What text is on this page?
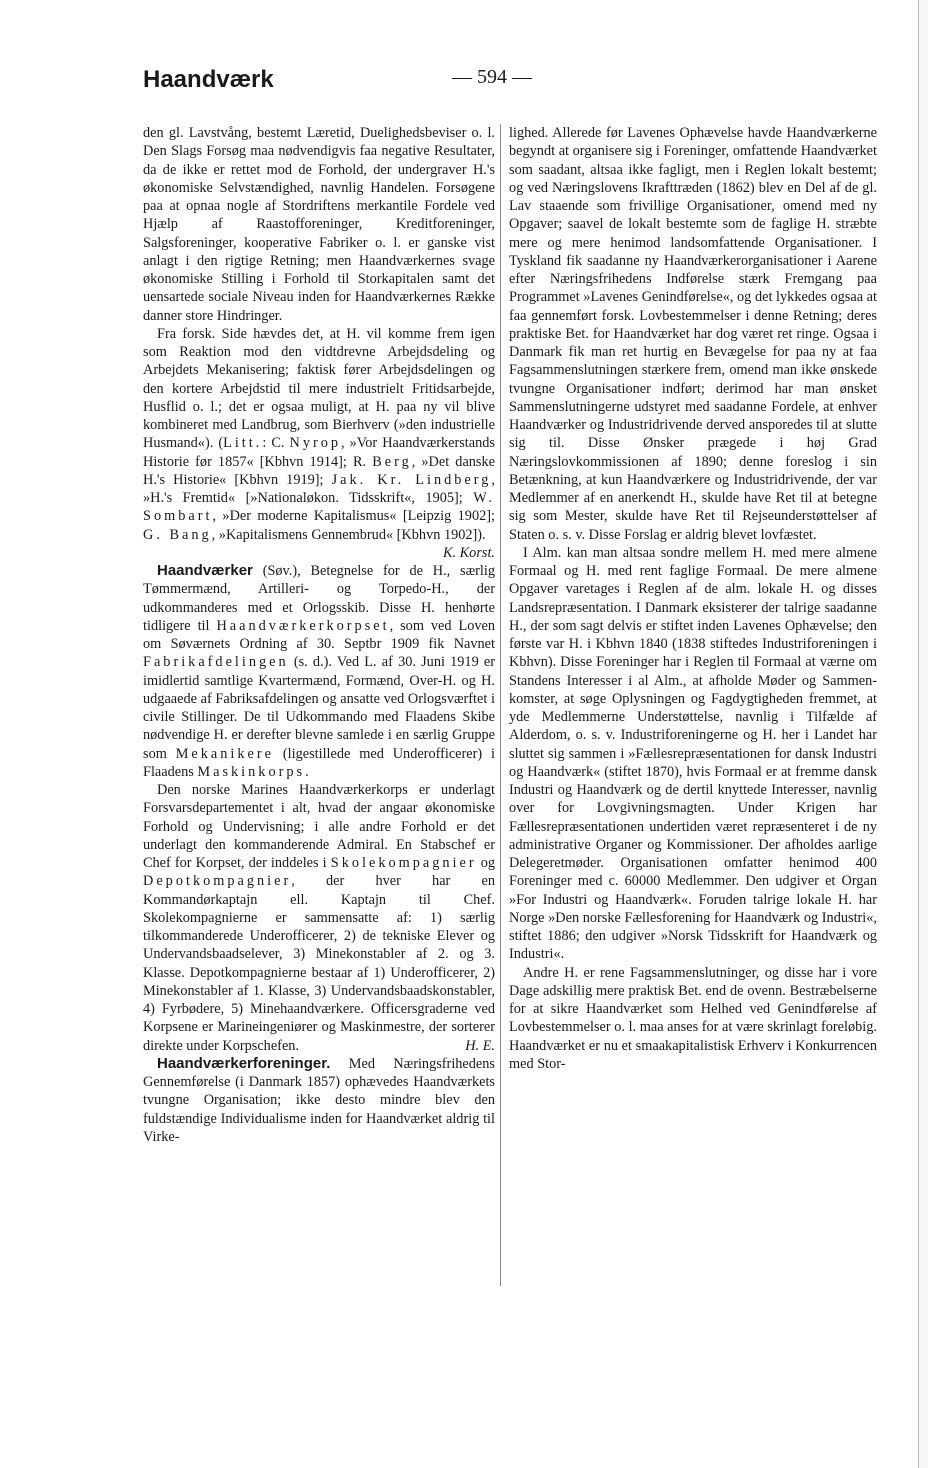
Haandværk	— 594 —

den gl. Lavstvång, bestemt Læretid, Duelighedsbeviser o. l. Den Slags Forsøg maa nødvendigvis faa negative Resultater, da de ikke er rettet mod de Forhold, der undergraver H.'s økonomiske Selvstændighed, navnlig Handelen. Forsøgene paa at opnaa nogle af Stordriftens merkantile Fordele ved Hjælp af Raastofforeninger, Kreditforeninger, Salgsforeninger, kooperative Fabriker o. l. er ganske vist anlagt i den rigtige Retning; men Haandværkernes svage økonomiske Stilling i Forhold til Storkapitalen samt det uensartede sociale Niveau inden for Haandværkernes Række danner store Hindringer.

Fra forsk. Side hævdes det, at H. vil komme frem igen som Reaktion mod den vidtdrevne Arbejdsdeling og Arbejdets Mekanisering; faktisk fører Arbejdsdelingen og den kortere Arbejdstid til mere industrielt Fritidsarbejde, Husflid o. l.; det er ogsaa muligt, at H. paa ny vil blive kombineret med Landbrug, som Bierhverv (»den industrielle Husmand«). (Litt.: C. Nyrop, »Vor Haandværkerstands Historie før 1857« [Kbhvn 1914]; R. Berg, »Det danske H.'s Historie« [Kbhvn 1919]; Jak. Kr. Lindberg, »H.'s Fremtid« [»Nationaløkon. Tidsskrift«, 1905]; W. Sombart, »Der moderne Kapitalismus« [Leipzig 1902]; G. Bang, »Kapitalismens Gennembrud« [Kbhvn 1902]).

K. Korst.

Haandværker (Søv.), Betegnelse for de H., særlig Tømmermænd, Artilleri- og Torpedo-H., der udkommanderes med et Orlogsskib. Disse H. henhørte tidligere til Haandværkerkorpset, som ved Loven om Søværnets Ordning af 30. Septbr 1909 fik Navnet Fabrikafdelingen (s. d.). Ved L. af 30. Juni 1919 er imidlertid samtlige Kvartermænd, Formænd, Over-H. og H. udgaaede af Fabriksafdelingen og ansatte ved Orlogsværftet i civile Stillinger. De til Udkommando med Flaadens Skibe nødvendige H. er derefter blevne samlede i en særlig Gruppe som Mekanikere (ligestillede med Underofficerer) i Flaadens Maskinkorps.

Den norske Marines Haandværkerkorps er underlagt Forsvarsdepartementet i alt, hvad der angaar økonomiske Forhold og Undervisning; i alle andre Forhold er det underlagt den kommanderende Admiral. En Stabschef er Chef for Korpset, der inddeles i Skolekompagnier og Depotkompagnier, der hver har en Kommandørkaptajn ell. Kaptajn til Chef. Skolekompagnierne er sammensatte af: 1) særlig tilkommanderede Underofficerer, 2) de tekniske Elever og Undervandsbaadselever, 3) Minekonstabler af 2. og 3. Klasse. Depotkompagnierne bestaar af 1) Underofficerer, 2) Minekonstabler af 1. Klasse, 3) Undervandsbaadskonstabler, 4) Fyrbødere, 5) Minehaandværkere. Officersgraderne ved Korpsene er Marineingeniører og Maskinmestre, der sorterer direkte under Korpschefen.	H. E.

Haandværkerforeninger. Med Næringsfrihedens Gennemførelse (i Danmark 1857) ophævedes Haandværkets tvungne Organisation; ikke desto mindre blev den fuldstændige Individualisme inden for Haandværket aldrig til Virke-

lighed. Allerede før Lavenes Ophævelse havde Haandværkerne begyndt at organisere sig i Foreninger, omfattende Haandværket som saadant, altsaa ikke fagligt, men i Reglen lokalt bestemt; og ved Næringslovens Ikrafttræden (1862) blev en Del af de gl. Lav staaende som frivillige Organisationer, omend med ny Opgaver; saavel de lokalt bestemte som de faglige H. stræbte mere og mere henimod landsomfattende Organisationer. I Tyskland fik saadanne ny Haandværkerorganisationer i Aarene efter Næringsfrihedens Indførelse stærk Fremgang paa Programmet »Lavenes Genindførelse«, og det lykkedes ogsaa at faa gennemført forsk. Lovbestemmelser i denne Retning; deres praktiske Bet. for Haandværket har dog været ret ringe. Ogsaa i Danmark fik man ret hurtig en Bevægelse for paa ny at faa Fagsammenslutningen stærkere frem, omend man ikke ønskede tvungne Organisationer indført; derimod har man ønsket Sammenslutningerne udstyret med saadanne Fordele, at enhver Haandværker og Industridrivende derved ansporedes til at slutte sig til. Disse Ønsker prægede i høj Grad Næringslovkommissionen af 1890; denne foreslog i sin Betænkning, at kun Haandværkere og Industridrivende, der var Medlemmer af en anerkendt H., skulde have Ret til at betegne sig som Mester, skulde have Ret til Rejseunderstøttelser af Staten o. s. v. Disse Forslag er aldrig blevet lovfæstet.

I Alm. kan man altsaa sondre mellem H. med mere almene Formaal og H. med rent faglige Formaal. De mere almene Opgaver varetages i Reglen af de alm. lokale H. og disses Landsrepræsentation. I Danmark eksisterer der talrige saadanne H., der som sagt delvis er stiftet inden Lavenes Ophævelse; den første var H. i Kbhvn 1840 (1838 stiftedes Industriforeningen i Kbhvn). Disse Foreninger har i Reglen til Formaal at værne om Standens Interesser i al Alm., at afholde Møder og Sammenkomster, at søge Oplysningen og Fagdygtigheden fremmet, at yde Medlemmerne Understøttelse, navnlig i Tilfælde af Alderdom, o. s. v. Industriforeningerne og H. her i Landet har sluttet sig sammen i »Fællesrepræsentationen for dansk Industri og Haandværk« (stiftet 1870), hvis Formaal er at fremme dansk Industri og Haandværk og de dertil knyttede Interesser, navnlig over for Lovgivningsmagten. Under Krigen har Fællesrepræsentationen undertiden været repræsenteret i de ny administrative Organer og Kommissioner. Der afholdes aarlige Delegeretmøder. Organisationen omfatter henimod 400 Foreninger med c. 60000 Medlemmer. Den udgiver et Organ »For Industri og Haandværk«. Foruden talrige lokale H. har Norge »Den norske Fællesforening for Haandværk og Industri«, stiftet 1886; den udgiver »Norsk Tidsskrift for Haandværk og Industri«.

Andre H. er rene Fagsammenslutninger, og disse har i vore Dage adskillig mere praktisk Bet. end de ovenn. Bestræbelserne for at sikre Haandværket som Helhed ved Genindførelse af Lovbestemmelser o. l. maa anses for at være skrinlagt foreløbig. Haandværket er nu et smaakapitalistisk Erhverv i Konkurrencen med Stor-
